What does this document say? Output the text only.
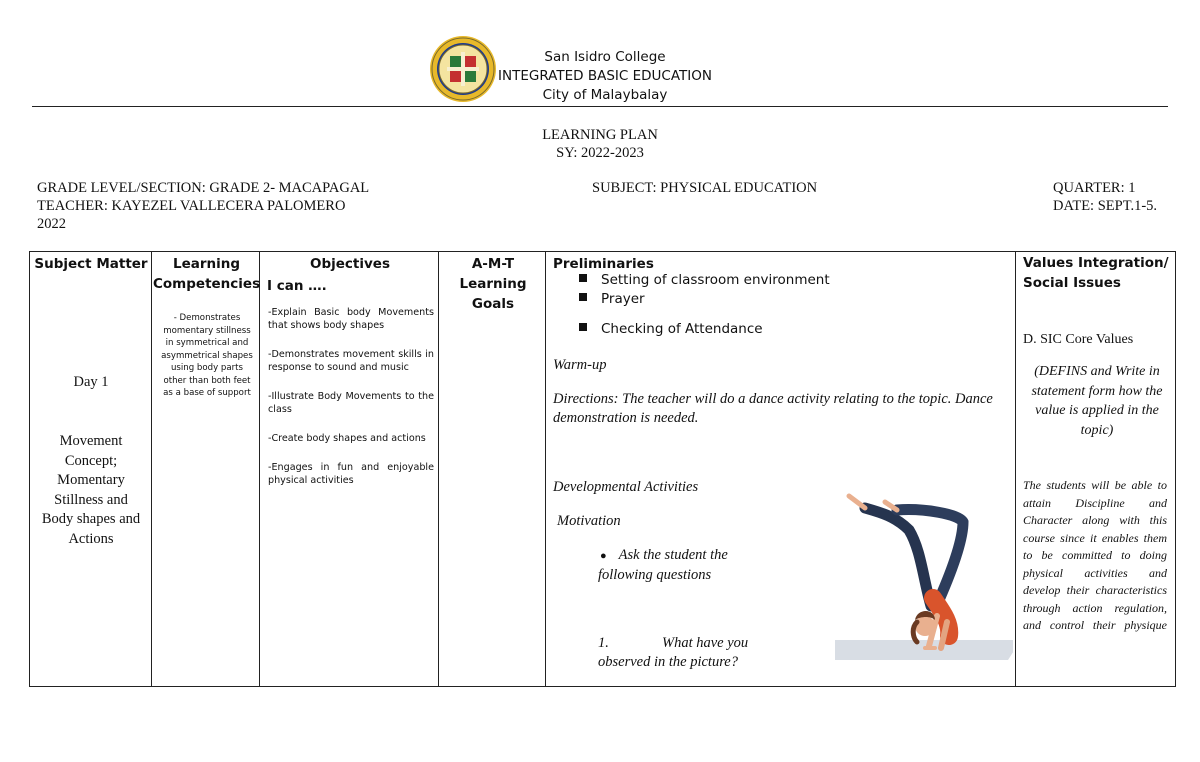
San Isidro College
INTEGRATED BASIC EDUCATION
City of Malaybalay
LEARNING PLAN
SY: 2022-2023
GRADE LEVEL/SECTION: GRADE 2- MACAPAGAL
TEACHER: KAYEZEL VALLECERA PALOMERO
2022
SUBJECT: PHYSICAL EDUCATION	QUARTER: 1
DATE: SEPT.1-5.
Subject Matter
Day 1
Movement Concept; Momentary Stillness and Body shapes and Actions
Learning
Competencies
- Demonstrates momentary stillness in symmetrical and asymmetrical shapes using body parts other than both feet as a base of support
Objectives
I can ….
-Explain Basic body Movements that shows body shapes
-Demonstrates movement skills in response to sound and music
-Illustrate Body Movements to the class
-Create body shapes and actions
-Engages in fun and enjoyable physical activities
A-M-T
Learning
Goals
Preliminaries
Setting of classroom environment
Prayer
Checking of Attendance
Warm-up
Directions: The teacher will do a dance activity relating to the topic. Dance demonstration is needed.
Developmental Activities
Motivation
● Ask the student the following questions
1.	What have you observed in the picture?
Values Integration/
Social Issues
D. SIC Core Values
(DEFINS and Write in statement form how the value is applied in the topic)
The students will be able to attain Discipline and Character along with this course since it enables them to be committed to doing physical activities and develop their characteristics through action regulation, and control their physique
